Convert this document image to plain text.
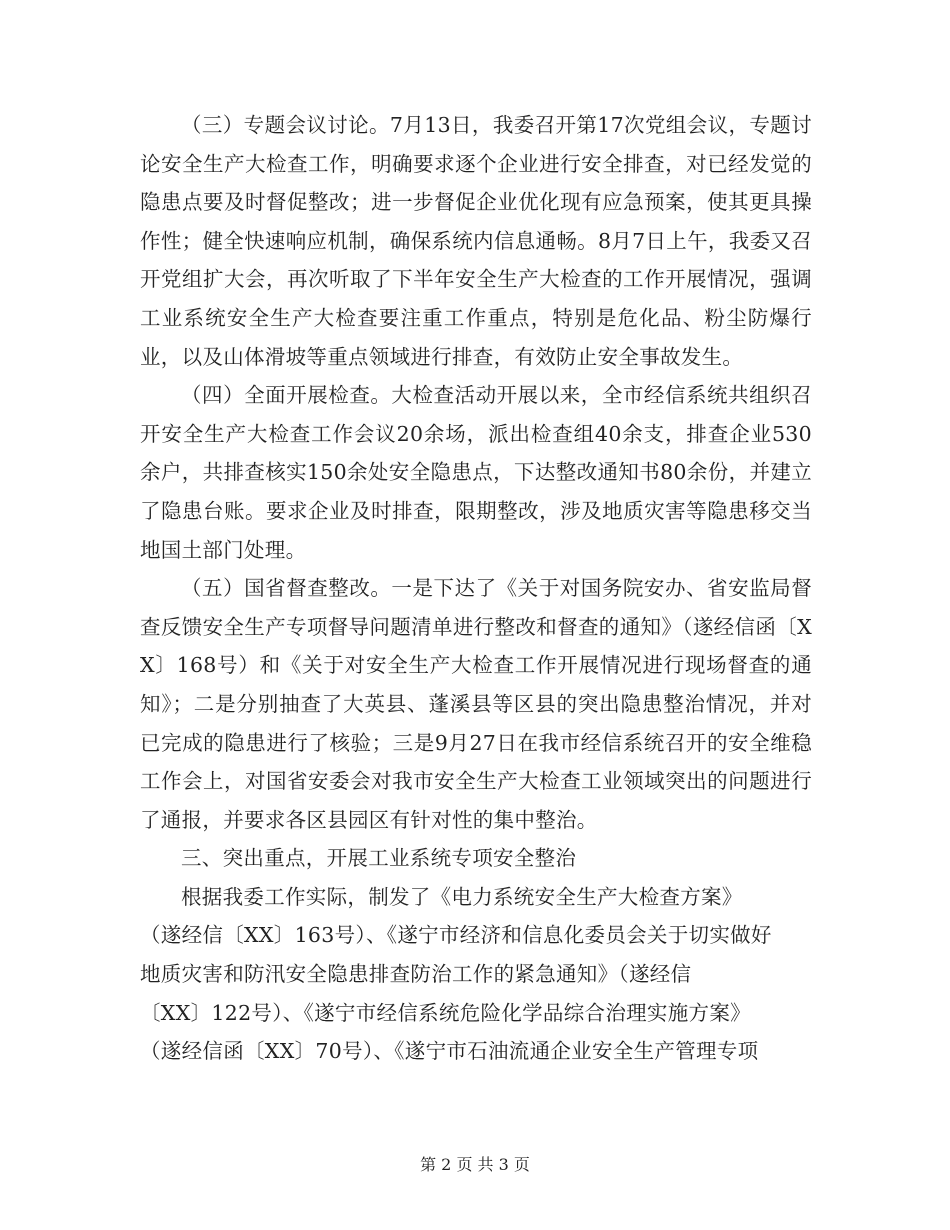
（三）专题会议讨论。7月13日，我委召开第17次党组会议，专题讨论安全生产大检查工作，明确要求逐个企业进行安全排查，对已经发觉的隐患点要及时督促整改；进一步督促企业优化现有应急预案，使其更具操作性；健全快速响应机制，确保系统内信息通畅。8月7日上午，我委又召开党组扩大会，再次听取了下半年安全生产大检查的工作开展情况，强调工业系统安全生产大检查要注重工作重点，特别是危化品、粉尘防爆行业，以及山体滑坡等重点领域进行排查，有效防止安全事故发生。

（四）全面开展检查。大检查活动开展以来，全市经信系统共组织召开安全生产大检查工作会议20余场，派出检查组40余支，排查企业530余户，共排查核实150余处安全隐患点，下达整改通知书80余份，并建立了隐患台账。要求企业及时排查，限期整改，涉及地质灾害等隐患移交当地国土部门处理。

（五）国省督查整改。一是下达了《关于对国务院安办、省安监局督查反馈安全生产专项督导问题清单进行整改和督查的通知》（遂经信函〔XX〕168号）和《关于对安全生产大检查工作开展情况进行现场督查的通知》；二是分别抽查了大英县、蓬溪县等区县的突出隐患整治情况，并对已完成的隐患进行了核验；三是9月27日在我市经信系统召开的安全维稳工作会上，对国省安委会对我市安全生产大检查工业领域突出的问题进行了通报，并要求各区县园区有针对性的集中整治。

三、突出重点，开展工业系统专项安全整治

根据我委工作实际，制发了《电力系统安全生产大检查方案》

（遂经信〔XX〕163号）、《遂宁市经济和信息化委员会关于切实做好

地质灾害和防汛安全隐患排查防治工作的紧急通知》（遂经信

〔XX〕122号）、《遂宁市经信系统危险化学品综合治理实施方案》

（遂经信函〔XX〕70号）、《遂宁市石油流通企业安全生产管理专项

第 2 页 共 3 页
